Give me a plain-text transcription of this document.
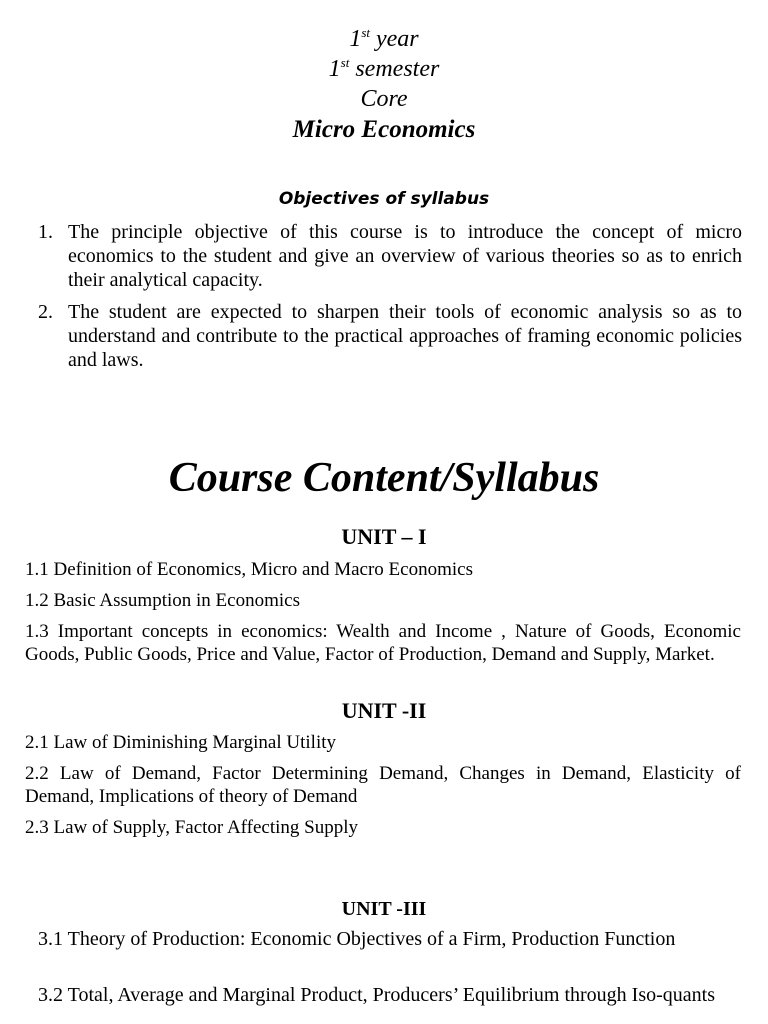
1st year

1st semester

Core

Micro Economics

Objectives of syllabus
1. The principle objective of this course is to introduce the concept of micro economics to the student and give an overview of various theories so as to enrich their analytical capacity.
2. The student are expected to sharpen their tools of economic analysis so as to understand and contribute to the practical approaches of framing economic policies and laws.
Course Content/Syllabus
UNIT – I
1.1 Definition of Economics, Micro and Macro Economics
1.2 Basic Assumption in Economics
1.3 Important concepts in economics: Wealth and Income , Nature of Goods, Economic Goods, Public Goods, Price and Value, Factor of Production, Demand and Supply, Market.
UNIT -II
2.1 Law of Diminishing Marginal Utility
2.2 Law of Demand, Factor Determining Demand, Changes in Demand, Elasticity of Demand, Implications of theory of Demand
2.3 Law of Supply, Factor Affecting Supply
UNIT -III
3.1 Theory of Production: Economic Objectives of a Firm, Production Function
3.2 Total, Average and Marginal Product, Producers’ Equilibrium through Iso-quants
